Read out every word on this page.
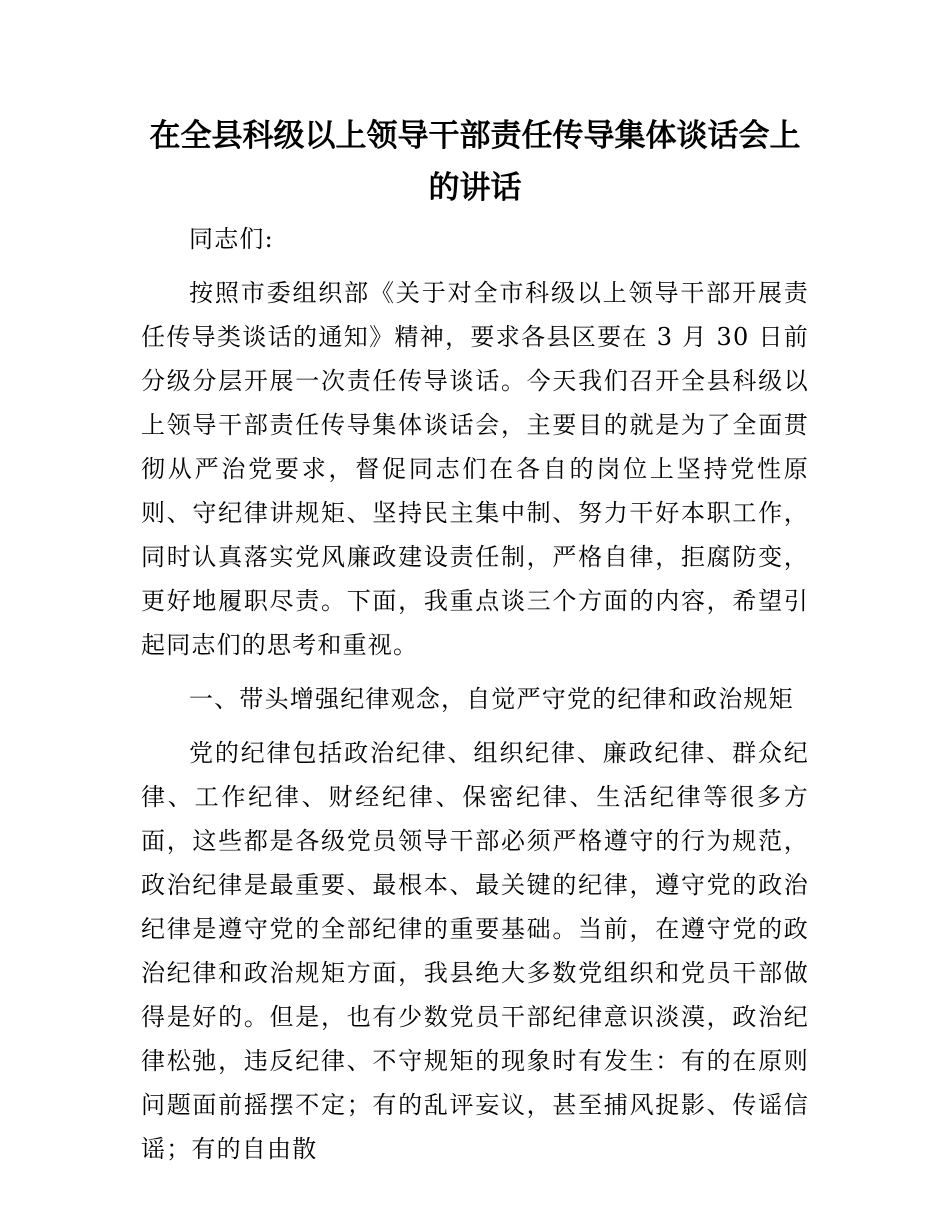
在全县科级以上领导干部责任传导集体谈话会上的讲话

同志们:

按照市委组织部《关于对全市科级以上领导干部开展责任传导类谈话的通知》精神，要求各县区要在 3 月 30 日前分级分层开展一次责任传导谈话。今天我们召开全县科级以上领导干部责任传导集体谈话会，主要目的就是为了全面贯彻从严治党要求，督促同志们在各自的岗位上坚持党性原则、守纪律讲规矩、坚持民主集中制、努力干好本职工作，同时认真落实党风廉政建设责任制，严格自律，拒腐防变，更好地履职尽责。下面，我重点谈三个方面的内容，希望引起同志们的思考和重视。

一、带头增强纪律观念，自觉严守党的纪律和政治规矩

党的纪律包括政治纪律、组织纪律、廉政纪律、群众纪律、工作纪律、财经纪律、保密纪律、生活纪律等很多方面，这些都是各级党员领导干部必须严格遵守的行为规范，政治纪律是最重要、最根本、最关键的纪律，遵守党的政治纪律是遵守党的全部纪律的重要基础。当前，在遵守党的政治纪律和政治规矩方面，我县绝大多数党组织和党员干部做得是好的。但是，也有少数党员干部纪律意识淡漠，政治纪律松弛，违反纪律、不守规矩的现象时有发生：有的在原则问题面前摇摆不定；有的乱评妄议，甚至捕风捉影、传谣信谣；有的自由散
